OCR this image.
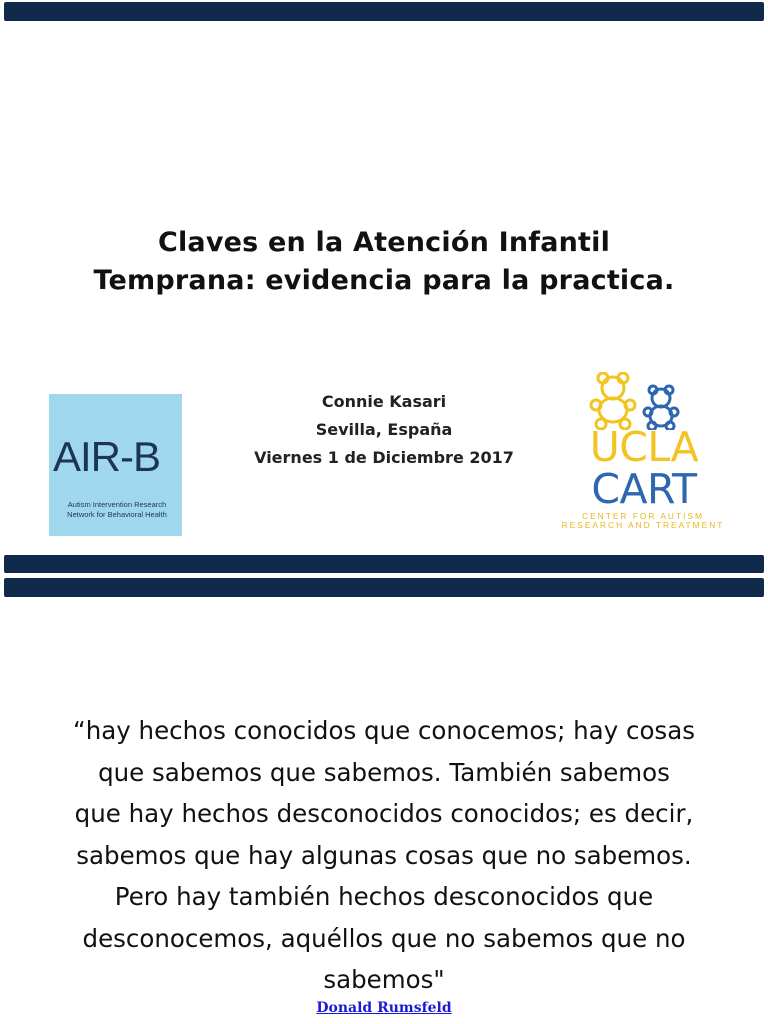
Claves en la Atención Infantil
Temprana: evidencia para la practica.
AIR-B
Autism Intervention Research
Network for Behavioral Health
Connie Kasari
Sevilla, España
Viernes 1 de Diciembre 2017	UCLA
CART
CENTER FOR AUTISM
RESEARCH AND TREATMENT
“hay hechos conocidos que conocemos; hay cosas
que sabemos que sabemos. También sabemos
que hay hechos desconocidos conocidos; es decir,
sabemos que hay algunas cosas que no sabemos.
Pero hay también hechos desconocidos que
desconocemos, aquéllos que no sabemos que no
sabemos"
Donald Rumsfeld
